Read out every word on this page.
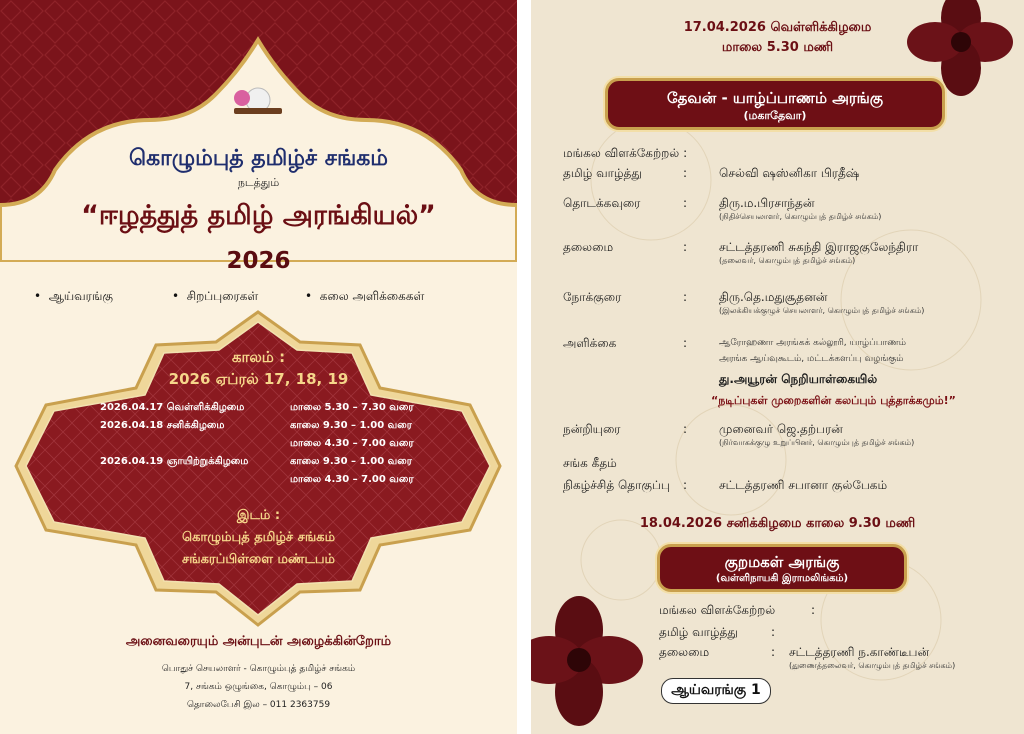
கொழும்புத் தமிழ்ச் சங்கம்
நடத்தும்
“ஈழத்துத் தமிழ் அரங்கியல்”
2026
•  ஆய்வரங்கு	•  சிறப்புரைகள்	•  கலை அளிக்கைகள்
காலம் :
2026 ஏப்ரல் 17, 18, 19
2026.04.17 வெள்ளிக்கிழமை	மாலை 5.30 – 7.30 வரை
2026.04.18 சனிக்கிழமை	காலை 9.30 – 1.00 வரை
மாலை 4.30 – 7.00 வரை
2026.04.19 ஞாயிற்றுக்கிழமை	காலை 9.30 – 1.00 வரை
மாலை 4.30 – 7.00 வரை
இடம் :
கொழும்புத் தமிழ்ச் சங்கம்
சங்கரப்பிள்ளை மண்டபம்
அனைவரையும் அன்புடன் அழைக்கின்றோம்
பொதுச் செயலாளர் - கொழும்புத் தமிழ்ச் சங்கம்
7, சங்கம் ஒழுங்கை, கொழும்பு – 06
தொலைபேசி இல – 011 2363759
17.04.2026 வெள்ளிக்கிழமை
மாலை 5.30 மணி
தேவன் - யாழ்ப்பாணம் அரங்கு
(மகாதேவா)
மங்கல விளக்கேற்றல் :
தமிழ் வாழ்த்து	:	செல்வி ஷஸ்னிகா பிரதீஷ்
தொடக்கவுரை	:	திரு.ம.பிரசாந்தன்
(நிதிச்செயலாளர், கொழும்புத் தமிழ்ச் சங்கம்)
தலைமை	:	சட்டத்தரணி சுகந்தி இராஜகுலேந்திரா
(தலைவர், கொழும்புத் தமிழ்ச் சங்கம்)
நோக்குரை	:	திரு.தெ.மதுசூதனன்
(இலக்கியக்குழுச் செயலாளர், கொழும்புத் தமிழ்ச் சங்கம்)
அளிக்கை	:	ஆரோஹணா அரங்கக் கல்லூரி, யாழ்ப்பாணம்
அரங்க ஆய்வுகூடம், மட்டக்களப்பு வழங்கும்
து.அயூரன் நெறியாள்கையில்
“நடிப்புகள் முறைகளின் கலப்பும் புத்தாக்கமும்!”
நன்றியுரை	:	முனைவர் ஜெ.தற்பரன்
(நிர்வாகக்குழு உறுப்பினர், கொழும்புத் தமிழ்ச் சங்கம்)
சங்க கீதம்
நிகழ்ச்சித் தொகுப்பு :	சட்டத்தரணி சபானா குல்பேகம்
18.04.2026 சனிக்கிழமை காலை 9.30 மணி
குறமகள் அரங்கு
(வள்ளிநாயகி இராமலிங்கம்)
மங்கல விளக்கேற்றல்	:
தமிழ் வாழ்த்து	:
தலைமை	: சட்டத்தரணி ந.காண்டீபன்
(துணைத்தலைவர், கொழும்புத் தமிழ்ச் சங்கம்)
ஆய்வரங்கு 1
